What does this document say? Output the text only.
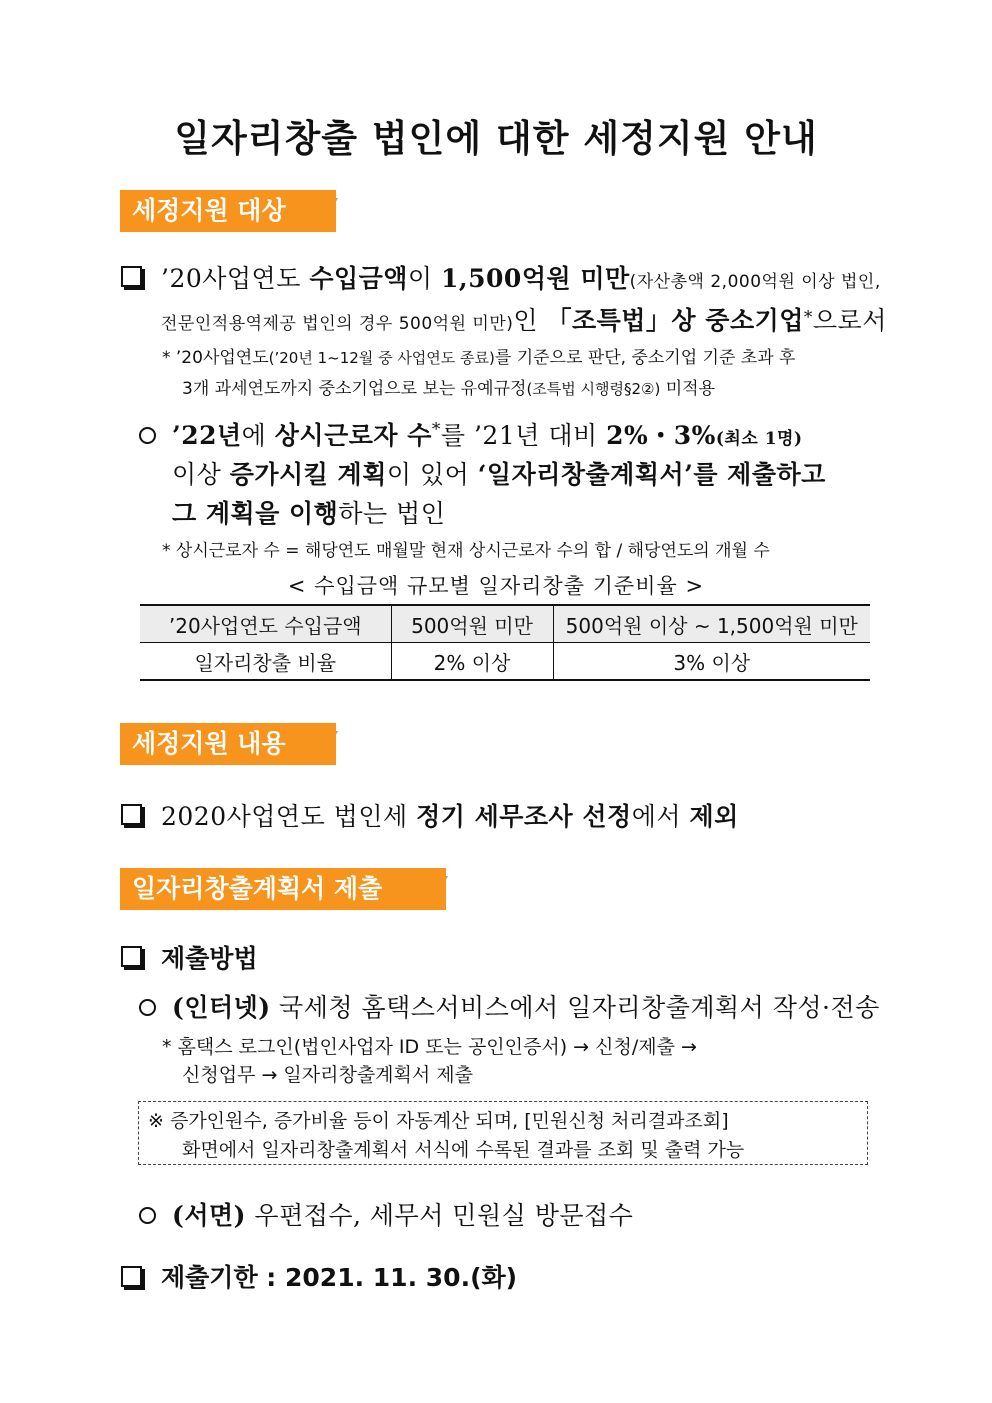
일자리창출 법인에 대한 세정지원 안내
세정지원 대상
’20사업연도 수입금액이 1,500억원 미만(자산총액 2,000억원 이상 법인,
전문인적용역제공 법인의 경우 500억원 미만)인 「조특법」상 중소기업*으로서
* ’20사업연도(’20년 1~12월 중 사업연도 종료)를 기준으로 판단, 중소기업 기준 초과 후
3개 과세연도까지 중소기업으로 보는 유예규정(조특법 시행령§2②) 미적용
’22년에 상시근로자 수*를 ’21년 대비 2%・3%(최소 1명)
이상 증가시킬 계획이 있어 ‘일자리창출계획서’를 제출하고
그 계획을 이행하는 법인
* 상시근로자 수 = 해당연도 매월말 현재 상시근로자 수의 합 / 해당연도의 개월 수
< 수입금액 규모별 일자리창출 기준비율 >
’20사업연도 수입금액	500억원 미만	500억원 이상 ~ 1,500억원 미만
일자리창출 비율	2% 이상	3% 이상
세정지원 내용
2020사업연도 법인세 정기 세무조사 선정에서 제외
일자리창출계획서 제출
제출방법
(인터넷) 국세청 홈택스서비스에서 일자리창출계획서 작성·전송
* 홈택스 로그인(법인사업자 ID 또는 공인인증서) → 신청/제출 →
신청업무 → 일자리창출계획서 제출
※ 증가인원수, 증가비율 등이 자동계산 되며, [민원신청 처리결과조회]
화면에서 일자리창출계획서 서식에 수록된 결과를 조회 및 출력 가능
(서면) 우편접수, 세무서 민원실 방문접수
제출기한 : 2021. 11. 30.(화)
